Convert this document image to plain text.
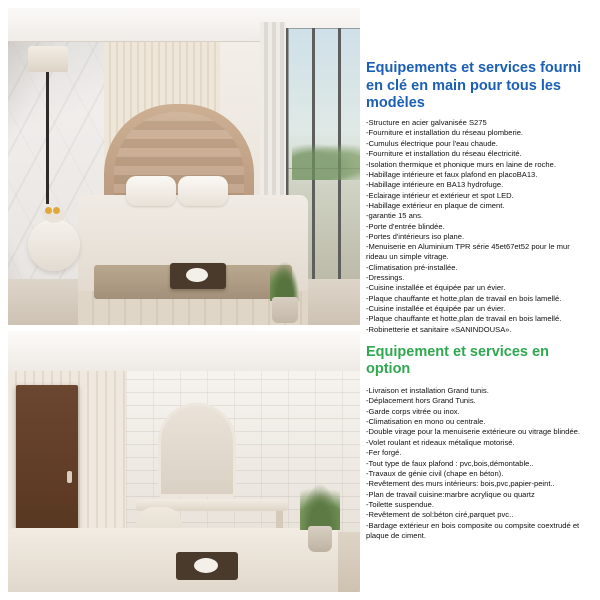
Equipements et services fourni en clé en main pour tous les modèles
-Structure en acier galvanisée S275
-Fourniture et installation du réseau plomberie.
-Cumulus électrique pour l'eau chaude.
-Fourniture et installation du réseau électricité.
-Isolation thermique et phonique murs en laine de roche.
-Habillage intérieure et faux plafond en placoBA13.
-Habillage intérieure en BA13 hydrofuge.
-Eclairage intérieur et extérieur et spot LED.
-Habillage extérieur en plaque de ciment.
-garantie 15 ans.
-Porte d'entrée blindée.
-Portes d'intérieurs iso plane.
-Menuiserie en Aluminium TPR série 45et67et52 pour le mur rideau un simple vitrage.
-Climatisation pré-installée.
-Dressings.
-Cuisine installée et équipée par un évier.
-Plaque chauffante et hotte,plan de travail en bois lamellé.
-Cuisine installée et équipée par un évier.
-Plaque chauffante et hotte,plan de travail en bois lamellé.
-Robinetterie et sanitaire «SANINDOUSA».
Equipement et services en option
-Livraison et installation Grand tunis.
-Déplacement hors Grand Tunis.
-Garde corps vitrée ou inox.
-Climatisation en mono ou centrale.
-Double virage pour la menuiserie extérieure ou vitrage blindée.
-Volet roulant et rideaux métalique motorisé.
-Fer forgé.
-Tout type de faux plafond : pvc,bois,démontable..
-Travaux de génie civil (chape en béton).
-Revêtement des murs intérieurs: bois,pvc,papier-peint..
-Plan de travail cuisine:marbre acrylique ou quartz
-Toilette suspendue.
-Revêtement de sol:béton ciré,parquet pvc..
-Bardage extérieur en bois composite ou compsite coextrudé et plaque de ciment.
